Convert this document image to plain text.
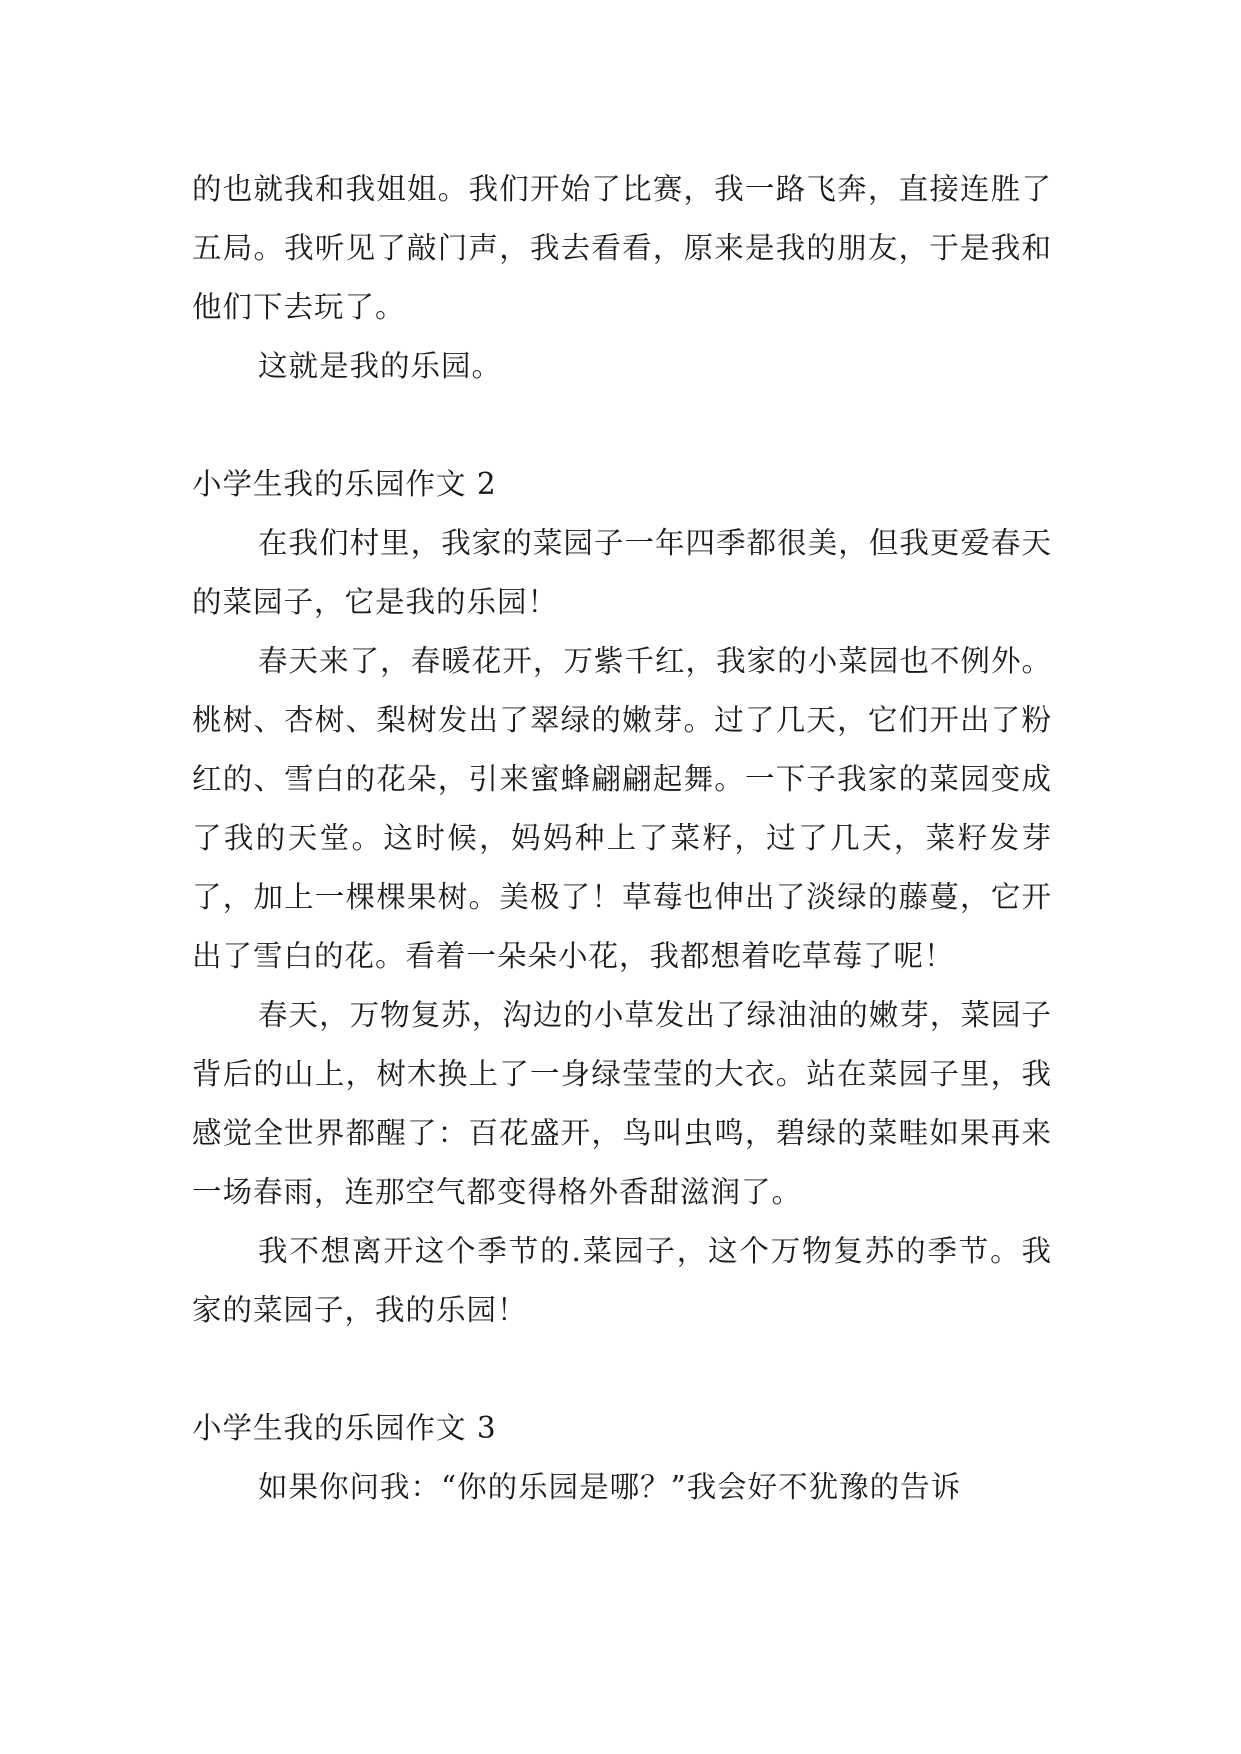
的也就我和我姐姐。我们开始了比赛，我一路飞奔，直接连胜了五局。我听见了敲门声，我去看看，原来是我的朋友，于是我和他们下去玩了。

这就是我的乐园。

小学生我的乐园作文 2

在我们村里，我家的菜园子一年四季都很美，但我更爱春天的菜园子，它是我的乐园！

春天来了，春暖花开，万紫千红，我家的小菜园也不例外。桃树、杏树、梨树发出了翠绿的嫩芽。过了几天，它们开出了粉红的、雪白的花朵，引来蜜蜂翩翩起舞。一下子我家的菜园变成了我的天堂。这时候，妈妈种上了菜籽，过了几天，菜籽发芽了，加上一棵棵果树。美极了！草莓也伸出了淡绿的藤蔓，它开出了雪白的花。看着一朵朵小花，我都想着吃草莓了呢！

春天，万物复苏，沟边的小草发出了绿油油的嫩芽，菜园子背后的山上，树木换上了一身绿莹莹的大衣。站在菜园子里，我感觉全世界都醒了：百花盛开，鸟叫虫鸣，碧绿的菜畦如果再来一场春雨，连那空气都变得格外香甜滋润了。

我不想离开这个季节的.菜园子，这个万物复苏的季节。我家的菜园子，我的乐园！

小学生我的乐园作文 3

如果你问我：“你的乐园是哪？”我会好不犹豫的告诉
